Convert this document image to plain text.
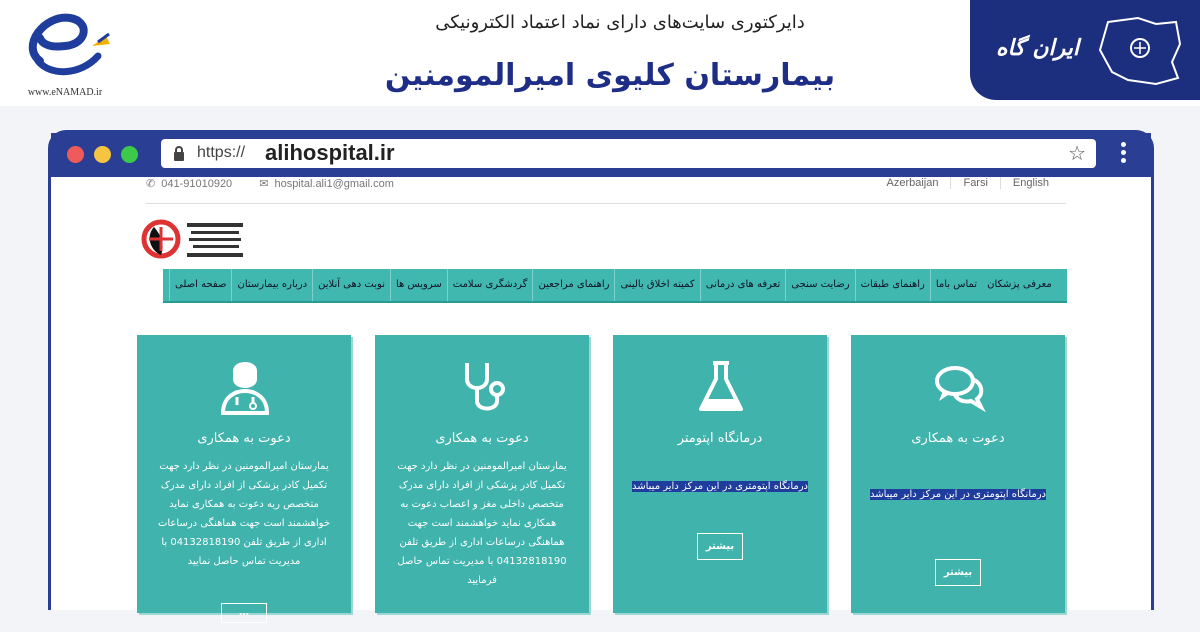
www.eNAMAD.ir
دایرکتوری سایت‌های دارای نماد اعتماد الکترونیکی
بیمارستان کلیوی امیرالمومنین
ایران گاه
https:// alihospital.ir	☆
✆ 041-91010920 ✉ hospital.ali1@gmail.com	Azerbaijan	Farsi	English
صفحه اصلی	درباره بیمارستان	نوبت دهی آنلاین	سرویس ها	گردشگری سلامت	راهنمای مراجعین	کمیته اخلاق بالینی	تعرفه های درمانی	رضایت سنجی	راهنمای طبقات	تماس باما	معرفی پزشکان
دعوت به همکاری
درمانگاه اپتومتری در این مرکز دایر میباشد
بیشتر
درمانگاه اپتومتر
درمانگاه اپتومتری در این مرکز دایر میباشد
بیشتر
دعوت به همکاری
یمارستان امیرالمومنین در نظر دارد جهت تکمیل کادر پزشکی از افراد دارای مدرک متخصص داخلی مغز و اعصاب دعوت به همکاری نماید خواهشمند است جهت هماهنگی درساعات اداری از طریق تلفن 04132818190 با مدیریت تماس حاصل فرمایید
دعوت به همکاری
یمارستان امیرالمومنین در نظر دارد جهت تکمیل کادر پزشکی از افراد دارای مدرک متخصص ریه دعوت به همکاری نماید خواهشمند است جهت هماهنگی درساعات اداری از طریق تلفن 04132818190 با مدیریت تماس حاصل نمایید
…
